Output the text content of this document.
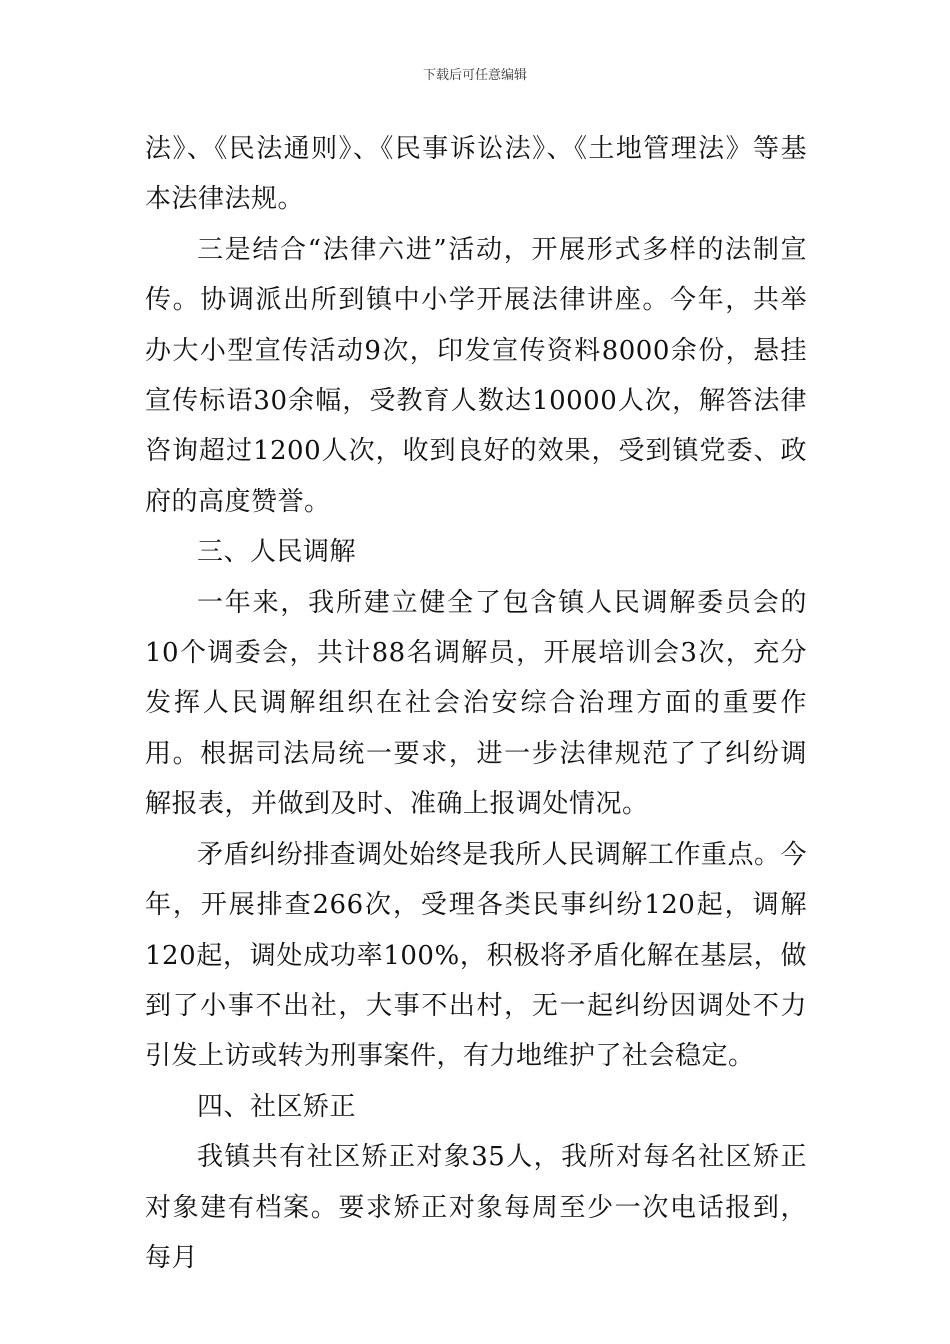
下载后可任意编辑

法》、《民法通则》、《民事诉讼法》、《土地管理法》等基本法律法规。

三是结合“法律六进”活动，开展形式多样的法制宣传。协调派出所到镇中小学开展法律讲座。今年，共举办大小型宣传活动9次，印发宣传资料8000余份，悬挂宣传标语30余幅，受教育人数达10000人次，解答法律咨询超过1200人次，收到良好的效果，受到镇党委、政府的高度赞誉。

三、人民调解

一年来，我所建立健全了包含镇人民调解委员会的10个调委会，共计88名调解员，开展培训会3次，充分发挥人民调解组织在社会治安综合治理方面的重要作用。根据司法局统一要求，进一步法律规范了了纠纷调解报表，并做到及时、准确上报调处情况。

矛盾纠纷排查调处始终是我所人民调解工作重点。今年，开展排查266次，受理各类民事纠纷120起，调解120起，调处成功率100%，积极将矛盾化解在基层，做到了小事不出社，大事不出村，无一起纠纷因调处不力引发上访或转为刑事案件，有力地维护了社会稳定。

四、社区矫正

我镇共有社区矫正对象35人，我所对每名社区矫正对象建有档案。要求矫正对象每周至少一次电话报到，每月
